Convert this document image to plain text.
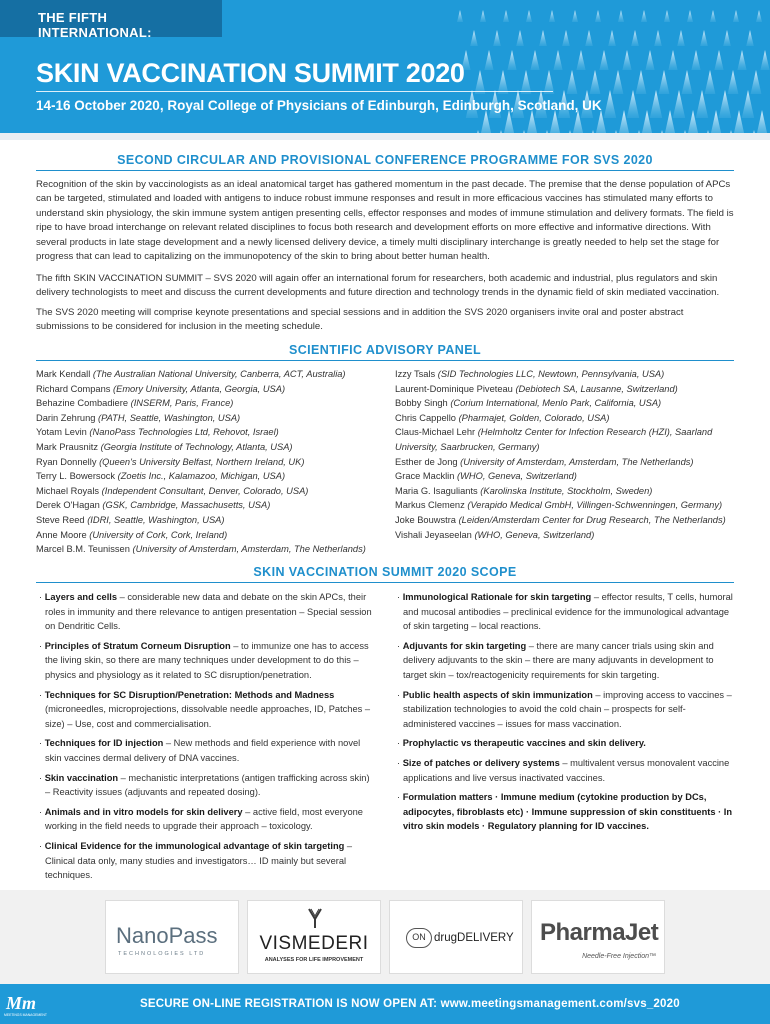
THE FIFTH INTERNATIONAL:
SKIN VACCINATION SUMMIT 2020
14-16 October 2020, Royal College of Physicians of Edinburgh, Edinburgh, Scotland, UK
SECOND CIRCULAR AND PROVISIONAL CONFERENCE PROGRAMME FOR SVS 2020
Recognition of the skin by vaccinologists as an ideal anatomical target has gathered momentum in the past decade. The premise that the dense population of APCs can be targeted, stimulated and loaded with antigens to induce robust immune responses and result in more efficacious vaccines has stimulated many efforts to understand skin physiology, the skin immune system antigen presenting cells, effector responses and modes of immune stimulation and delivery formats. The field is ripe to have broad interchange on relevant related disciplines to focus both research and development efforts on more effective and informative directions. With several products in late stage development and a newly licensed delivery device, a timely multi disciplinary interchange is greatly needed to help set the stage for progress that can lead to capitalizing on the immunopotency of the skin to bring about better human health.
The fifth SKIN VACCINATION SUMMIT – SVS 2020 will again offer an international forum for researchers, both academic and industrial, plus regulators and skin delivery technologists to meet and discuss the current developments and future direction and technology trends in the dynamic field of skin mediated vaccination.
The SVS 2020 meeting will comprise keynote presentations and special sessions and in addition the SVS 2020 organisers invite oral and poster abstract submissions to be considered for inclusion in the meeting schedule.
SCIENTIFIC ADVISORY PANEL
Mark Kendall (The Australian National University, Canberra, ACT, Australia)
Richard Compans (Emory University, Atlanta, Georgia, USA)
Behazine Combadiere (INSERM, Paris, France)
Darin Zehrung (PATH, Seattle, Washington, USA)
Yotam Levin (NanoPass Technologies Ltd, Rehovot, Israel)
Mark Prausnitz (Georgia Institute of Technology, Atlanta, USA)
Ryan Donnelly (Queen's University Belfast, Northern Ireland, UK)
Terry L. Bowersock (Zoetis Inc., Kalamazoo, Michigan, USA)
Michael Royals (Independent Consultant, Denver, Colorado, USA)
Derek O'Hagan (GSK, Cambridge, Massachusetts, USA)
Steve Reed (IDRI, Seattle, Washington, USA)
Anne Moore (University of Cork, Cork, Ireland)
Marcel B.M. Teunissen (University of Amsterdam, Amsterdam, The Netherlands)
Izzy Tsals (SID Technologies LLC, Newtown, Pennsylvania, USA)
Laurent-Dominique Piveteau (Debiotech SA, Lausanne, Switzerland)
Bobby Singh (Corium International, Menlo Park, California, USA)
Chris Cappello (Pharmajet, Golden, Colorado, USA)
Claus-Michael Lehr (Helmholtz Center for Infection Research (HZI), Saarland University, Saarbrucken, Germany)
Esther de Jong (University of Amsterdam, Amsterdam, The Netherlands)
Grace Macklin (WHO, Geneva, Switzerland)
Maria G. Isaguliants (Karolinska Institute, Stockholm, Sweden)
Markus Clemenz (Verapido Medical GmbH, Villingen-Schwenningen, Germany)
Joke Bouwstra (Leiden/Amsterdam Center for Drug Research, The Netherlands)
Vishali Jeyaseelan (WHO, Geneva, Switzerland)
SKIN VACCINATION SUMMIT 2020 SCOPE
· Layers and cells – considerable new data and debate on the skin APCs, their roles in immunity and there relevance to antigen presentation – Special session on Dendritic Cells.
· Principles of Stratum Corneum Disruption – to immunize one has to access the living skin, so there are many techniques under development to do this – physics and physiology as it related to SC disruption/penetration.
· Techniques for SC Disruption/Penetration: Methods and Madness (microneedles, microprojections, dissolvable needle approaches, ID, Patches – size) – Use, cost and commercialisation.
· Techniques for ID injection – New methods and field experience with novel skin vaccines dermal delivery of DNA vaccines.
· Skin vaccination – mechanistic interpretations (antigen trafficking across skin) – Reactivity issues (adjuvants and repeated dosing).
· Animals and in vitro models for skin delivery – active field, most everyone working in the field needs to upgrade their approach – toxicology.
· Clinical Evidence for the immunological advantage of skin targeting – Clinical data only, many studies and investigators… ID mainly but several techniques.
· Immunological Rationale for skin targeting – effector results, T cells, humoral and mucosal antibodies – preclinical evidence for the immunological advantage of skin targeting – local reactions.
· Adjuvants for skin targeting – there are many cancer trials using skin and delivery adjuvants to the skin – there are many adjuvants in development to target skin – tox/reactogenicity requirements for skin targeting.
· Public health aspects of skin immunization – improving access to vaccines – stabilization technologies to avoid the cold chain – prospects for self-administered vaccines – issues for mass vaccination.
· Prophylactic vs therapeutic vaccines and skin delivery.
· Size of patches or delivery systems – multivalent versus monovalent vaccine applications and live versus inactivated vaccines.
· Formulation matters · Immune medium (cytokine production by DCs, adipocytes, fibroblasts etc) · Immune suppression of skin constituents · In vitro skin models · Regulatory planning for ID vaccines.
NanoPass
TECHNOLOGIES LTD	VISMEDERI
ANALYSES FOR LIFE IMPROVEMENT
ON drugDELIVERY PharmaJet
Needle-Free Injection™
Mm
MEETINGS MANAGEMENT
SECURE ON-LINE REGISTRATION IS NOW OPEN AT: www.meetingsmanagement.com/svs_2020
